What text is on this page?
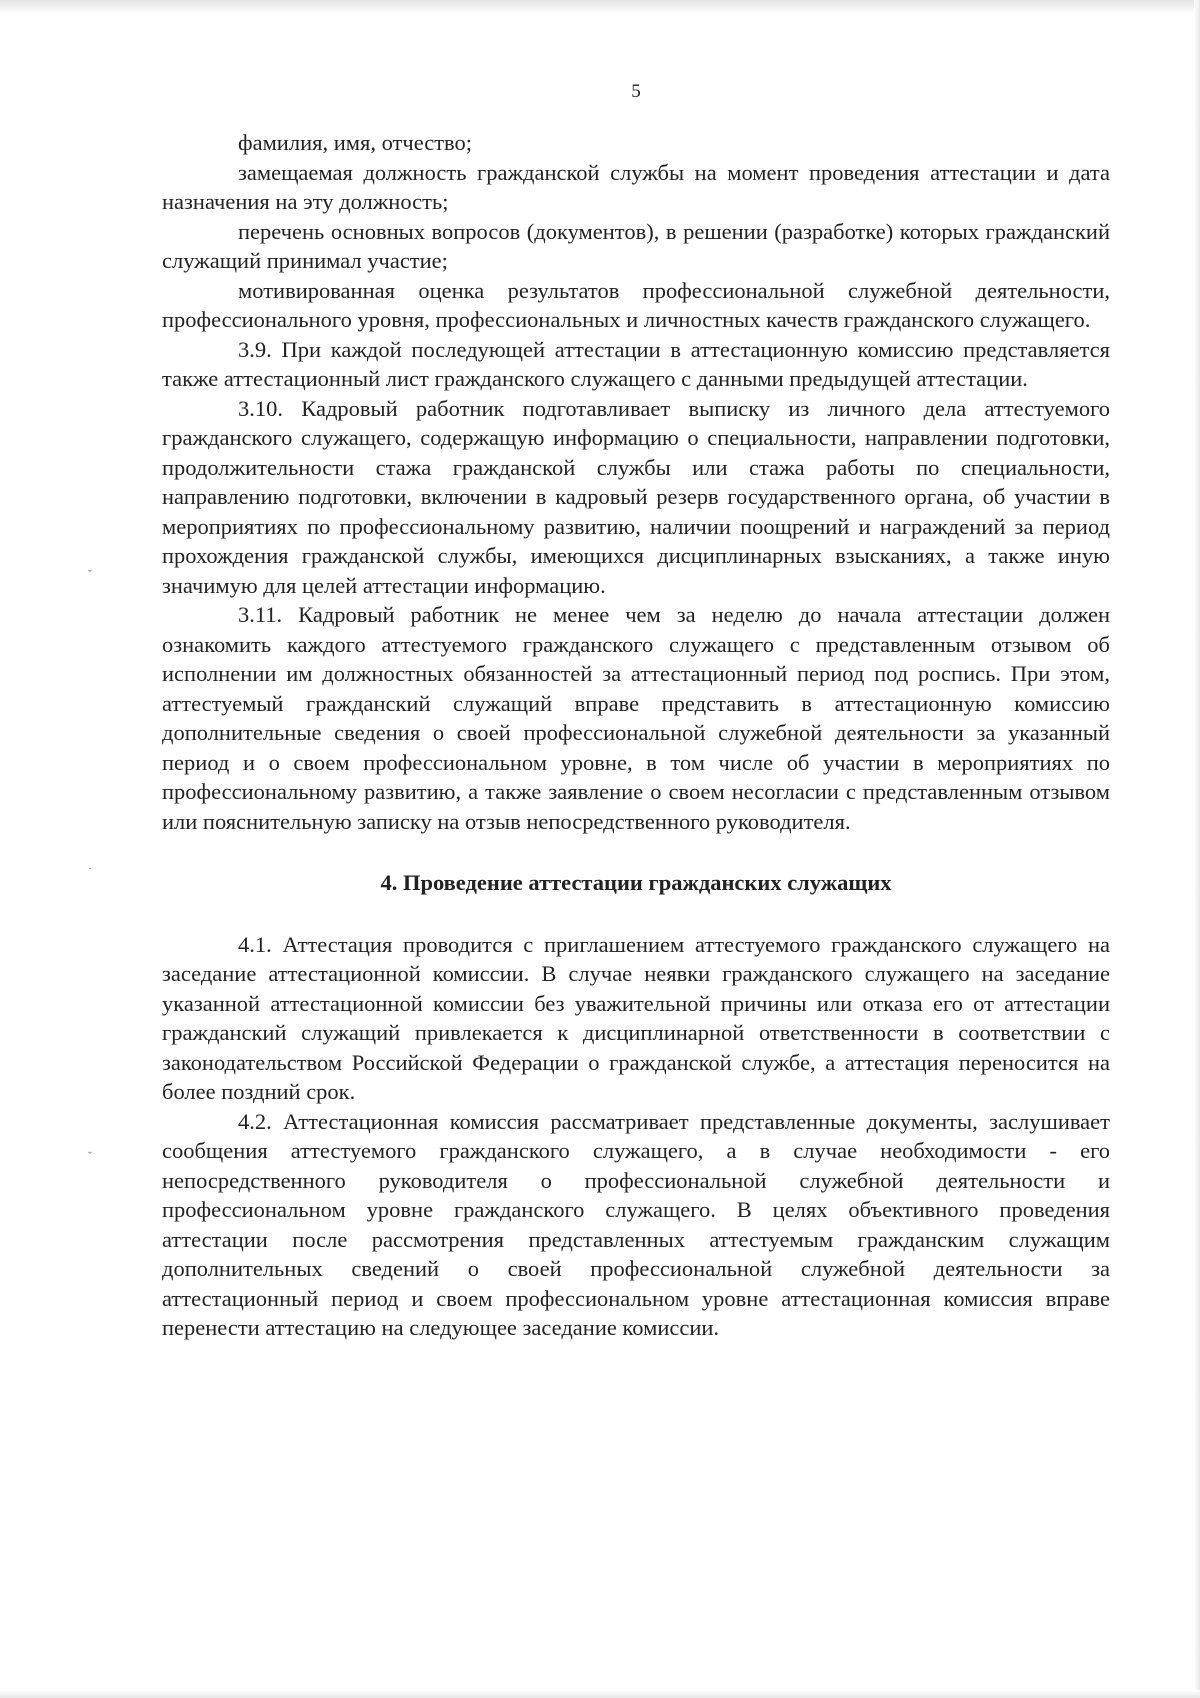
5
ˇ
·
ˇ

фамилия, имя, отчество;

замещаемая должность гражданской службы на момент проведения аттестации и дата назначения на эту должность;

перечень основных вопросов (документов), в решении (разработке) которых гражданский служащий принимал участие;

мотивированная оценка результатов профессиональной служебной деятельности, профессионального уровня, профессиональных и личностных качеств гражданского служащего.

3.9. При каждой последующей аттестации в аттестационную комиссию представляется также аттестационный лист гражданского служащего с данными предыдущей аттестации.

3.10. Кадровый работник подготавливает выписку из личного дела аттестуемого гражданского служащего, содержащую информацию о специальности, направлении подготовки, продолжительности стажа гражданской службы или стажа работы по специальности, направлению подготовки, включении в кадровый резерв государственного органа, об участии в мероприятиях по профессиональному развитию, наличии поощрений и награждений за период прохождения гражданской службы, имеющихся дисциплинарных взысканиях, а также иную значимую для целей аттестации информацию.

3.11. Кадровый работник не менее чем за неделю до начала аттестации должен ознакомить каждого аттестуемого гражданского служащего с представленным отзывом об исполнении им должностных обязанностей за аттестационный период под роспись. При этом, аттестуемый гражданский служащий вправе представить в аттестационную комиссию дополнительные сведения о своей профессиональной служебной деятельности за указанный период и о своем профессиональном уровне, в том числе об участии в мероприятиях по профессиональному развитию, а также заявление о своем несогласии с представленным отзывом или пояснительную записку на отзыв непосредственного руководителя.

4. Проведение аттестации гражданских служащих

4.1. Аттестация проводится с приглашением аттестуемого гражданского служащего на заседание аттестационной комиссии. В случае неявки гражданского служащего на заседание указанной аттестационной комиссии без уважительной причины или отказа его от аттестации гражданский служащий привлекается к дисциплинарной ответственности в соответствии с законодательством Российской Федерации о гражданской службе, а аттестация переносится на более поздний срок.

4.2. Аттестационная комиссия рассматривает представленные документы, заслушивает сообщения аттестуемого гражданского служащего, а в случае необходимости - его непосредственного руководителя о профессиональной служебной деятельности и профессиональном уровне гражданского служащего. В целях объективного проведения аттестации после рассмотрения представленных аттестуемым гражданским служащим дополнительных сведений о своей профессиональной служебной деятельности за аттестационный период и своем профессиональном уровне аттестационная комиссия вправе перенести аттестацию на следующее заседание комиссии.
